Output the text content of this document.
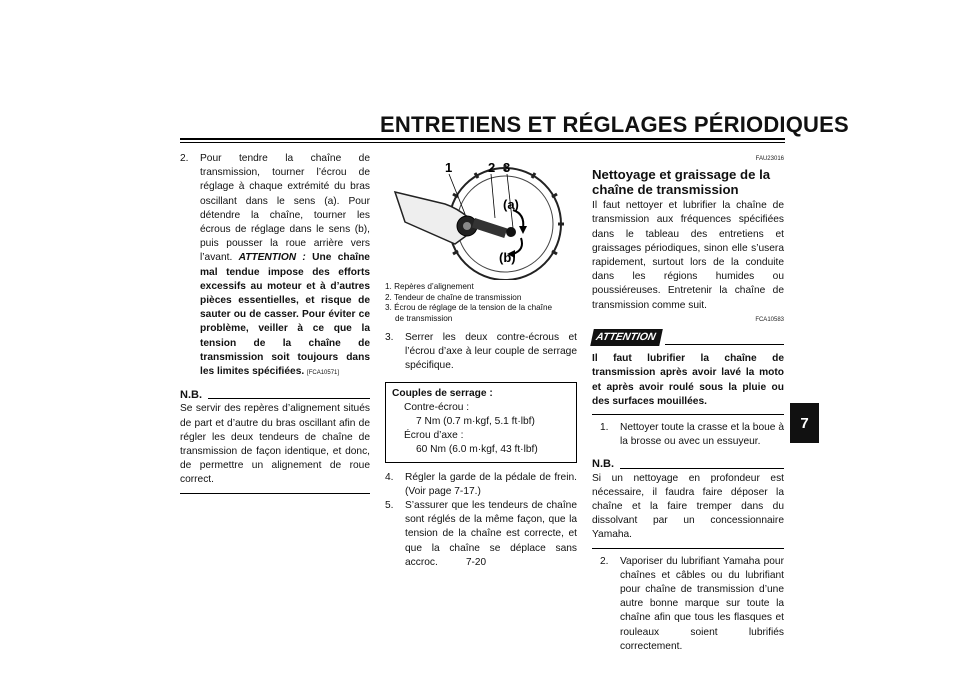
ENTRETIENS ET RÉGLAGES PÉRIODIQUES
7
2.	Pour tendre la chaîne de transmission, tourner l’écrou de réglage à chaque extrémité du bras oscillant dans le sens (a). Pour détendre la chaîne, tourner les écrous de réglage dans le sens (b), puis pousser la roue arrière vers l’avant. ATTENTION : Une chaîne mal tendue impose des efforts excessifs au moteur et à d’autres pièces essentielles, et risque de sauter ou de casser. Pour éviter ce problème, veiller à ce que la tension de la chaîne de transmission soit toujours dans les limites spécifiées. [FCA10571]
N.B.

Se servir des repères d’alignement situés de part et d’autre du bras oscillant afin de régler les deux tendeurs de chaîne de transmission de façon identique, et donc, de permettre un alignement de roue correct.

1	2 3
(a)
(b)
1. Repères d’alignement
2. Tendeur de chaîne de transmission
3. Écrou de réglage de la tension de la chaîne
de transmission
3.	Serrer les deux contre-écrous et l’écrou d’axe à leur couple de serrage spécifique.
Couples de serrage :
Contre-écrou :
7 Nm (0.7 m·kgf, 5.1 ft·lbf)
Écrou d’axe :
60 Nm (6.0 m·kgf, 43 ft·lbf)
4.	Régler la garde de la pédale de frein. (Voir page 7-17.)
5.	S’assurer que les tendeurs de chaîne sont réglés de la même façon, que la tension de la chaîne est correcte, et que la chaîne se déplace sans accroc.
FAU23016
Nettoyage et graissage de la chaîne de transmission

Il faut nettoyer et lubrifier la chaîne de transmission aux fréquences spécifiées dans le tableau des entretiens et graissages périodiques, sinon elle s’usera rapidement, surtout lors de la conduite dans les régions humides ou poussiéreuses. Entretenir la chaîne de transmission comme suit.

FCA10583
ATTENTION

Il faut lubrifier la chaîne de transmission après avoir lavé la moto et après avoir roulé sous la pluie ou des surfaces mouillées.

1.	Nettoyer toute la crasse et la boue à la brosse ou avec un essuyeur.
N.B.

Si un nettoyage en profondeur est nécessaire, il faudra faire déposer la chaîne et la faire tremper dans du dissolvant par un concessionnaire Yamaha.

2.	Vaporiser du lubrifiant Yamaha pour chaînes et câbles ou du lubrifiant pour chaîne de transmission d’une autre bonne marque sur toute la chaîne afin que tous les flasques et rouleaux soient lubrifiés correctement.
7-20
